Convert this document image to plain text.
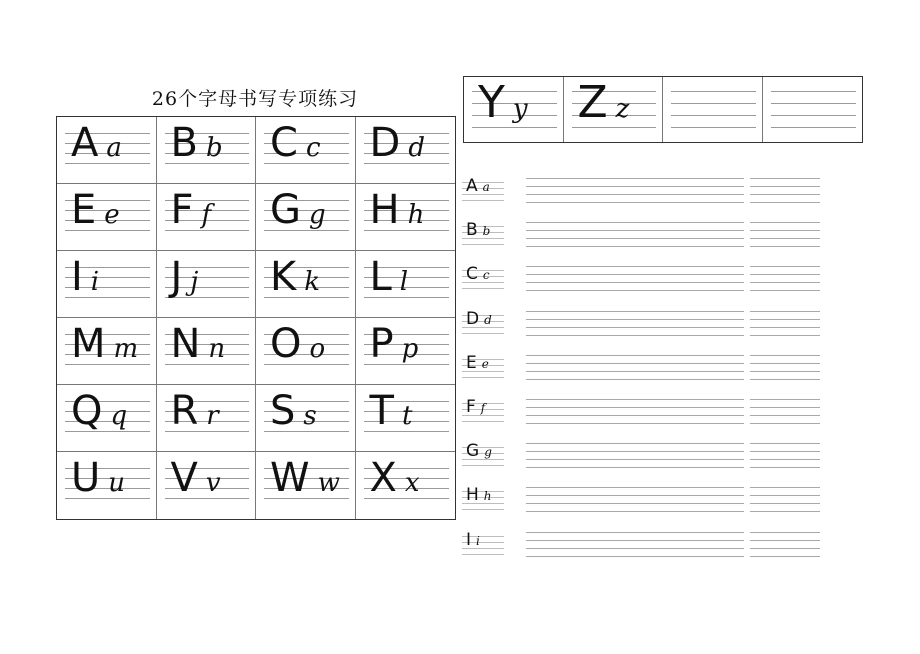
26个字母书写专项练习
Aa Bb Cc Dd
Ee Ff Gg Hh
Ii Jj Kk Ll
Mm Nn Oo Pp
Qq Rr Ss Tt
Uu Vv Ww Xx
Yy Zz
A a
B b
C c
D d
E e
F f
G g
H h
I i
